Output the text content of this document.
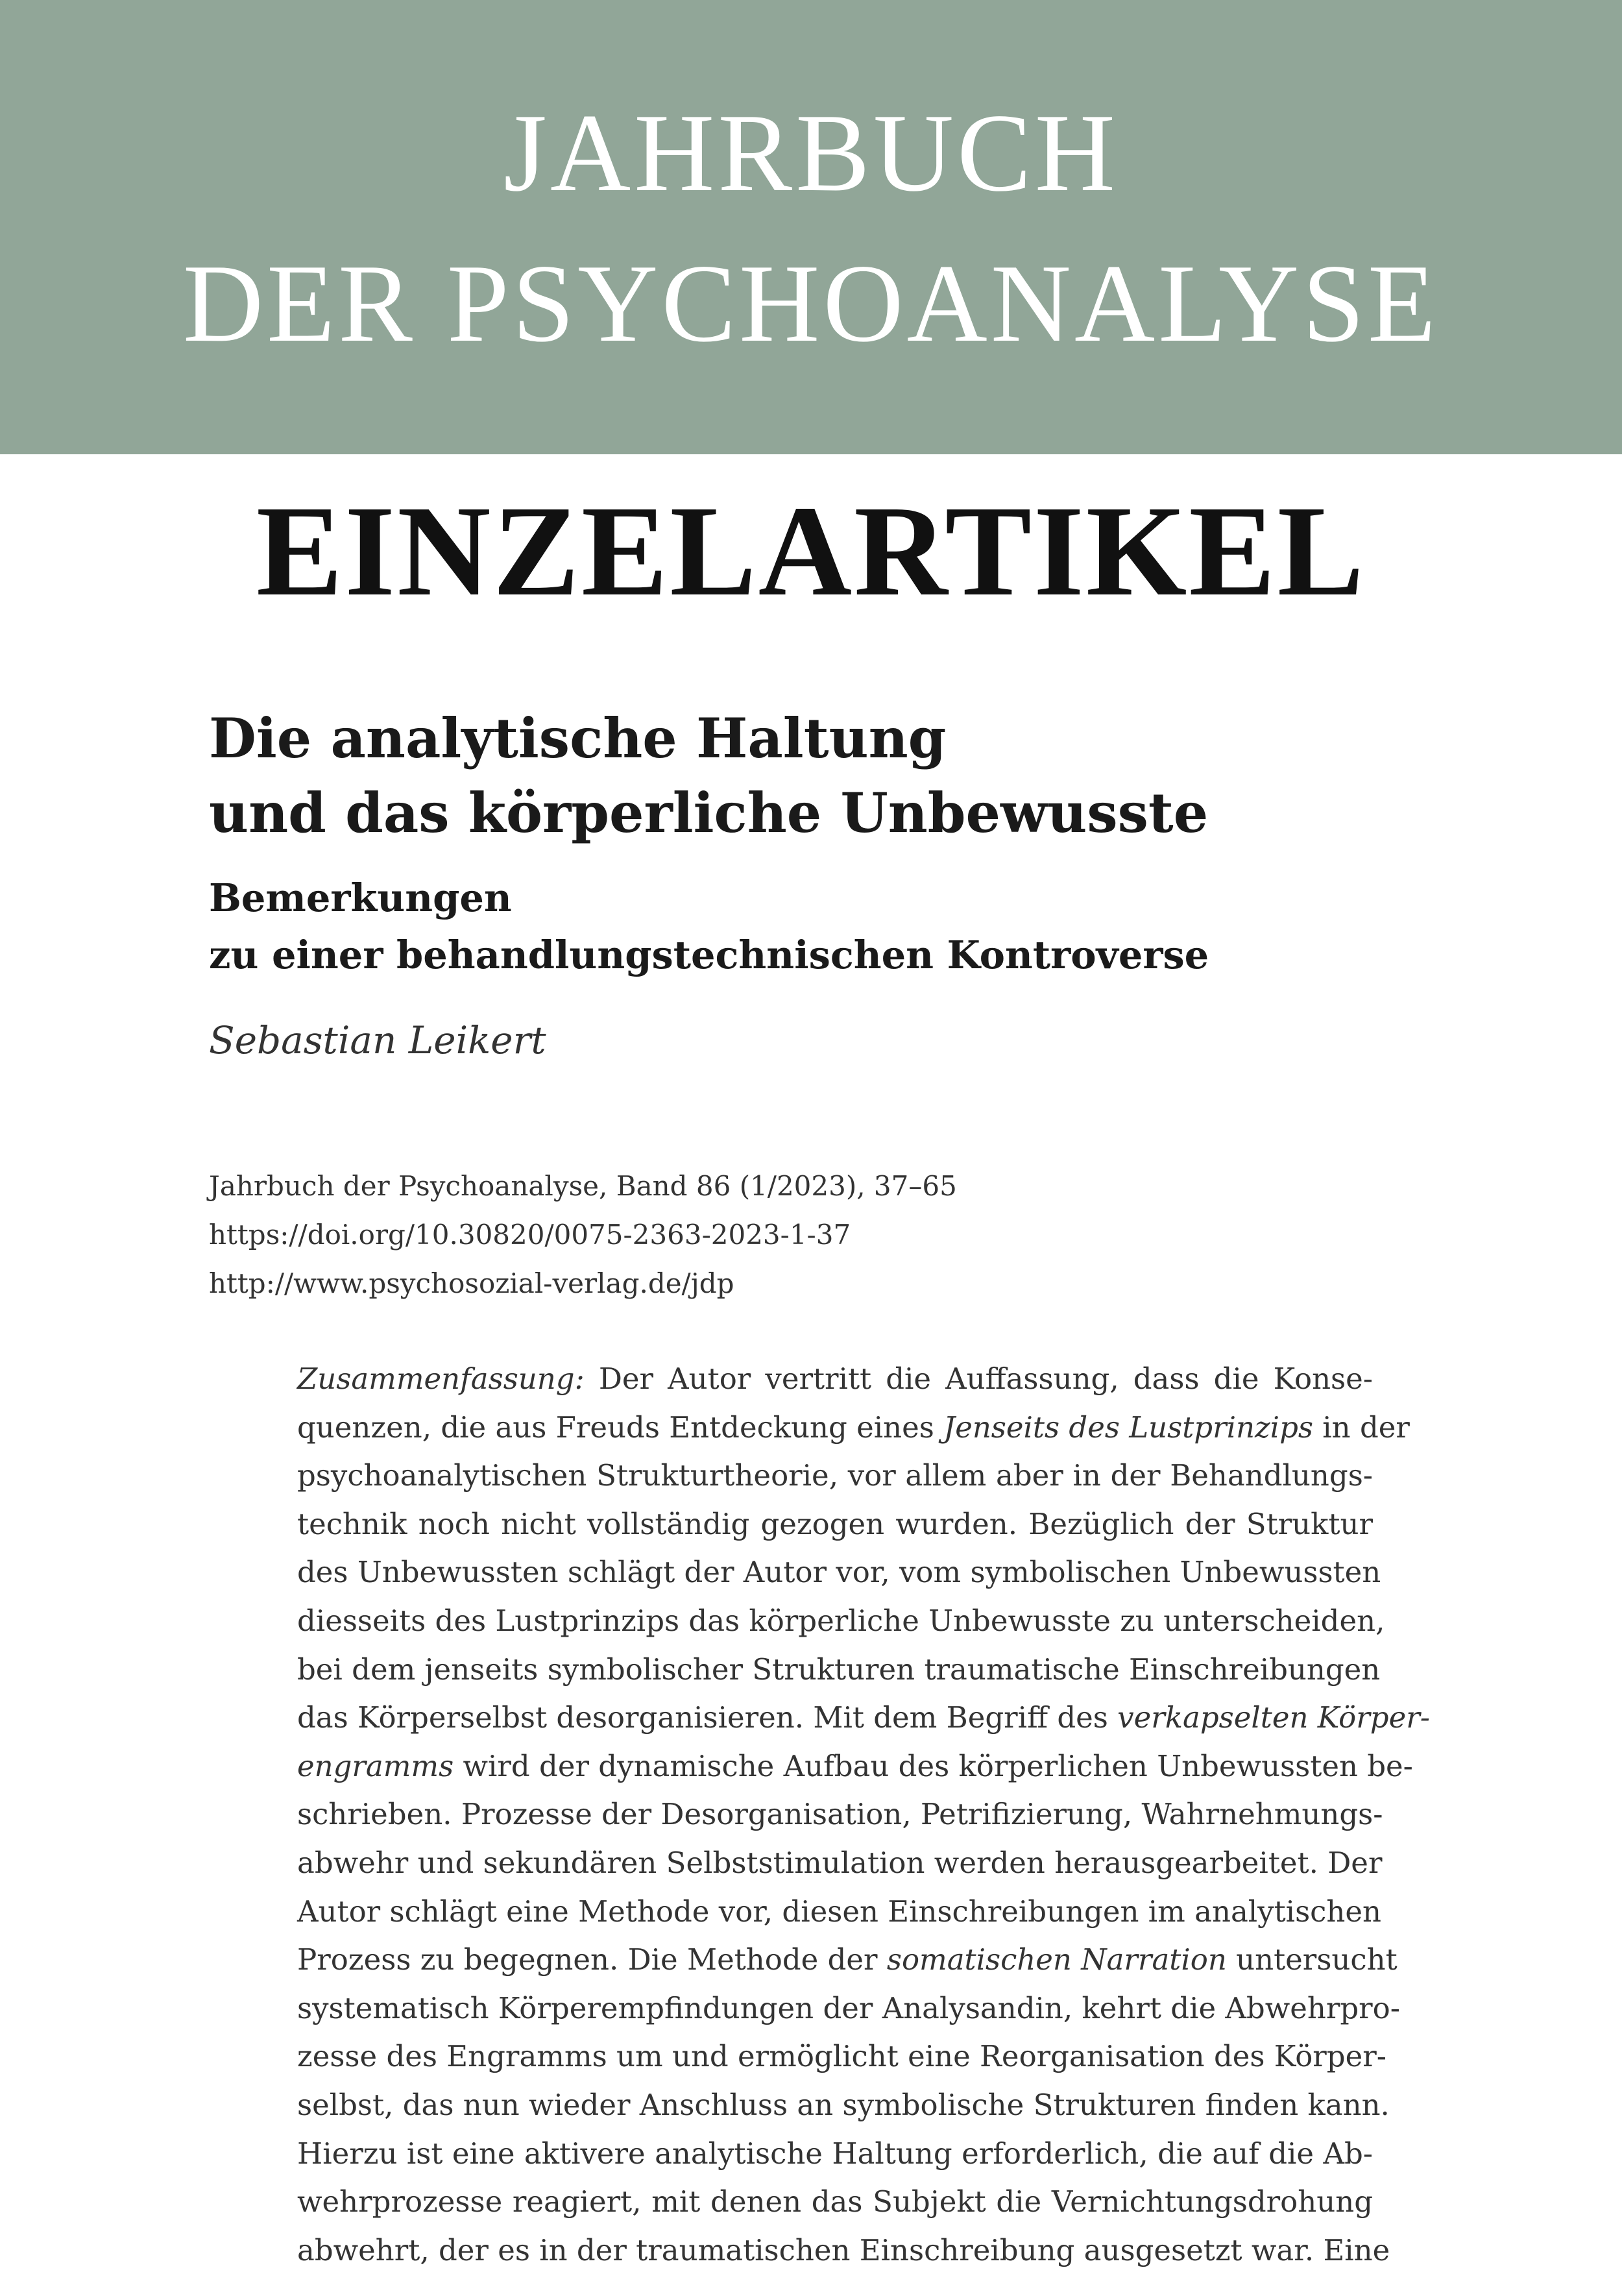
JAHRBUCH
DER PSYCHOANALYSE
EINZELARTIKEL
Die analytische Haltung
und das körperliche Unbewusste
Bemerkungen
zu einer behandlungstechnischen Kontroverse
Sebastian Leikert
Jahrbuch der Psychoanalyse, Band 86 (1/2023), 37–65
https://doi.org/10.30820/0075-2363-2023-1-37
http://www.psychosozial-verlag.de/jdp
Zusammenfassung: Der Autor vertritt die Auffassung, dass die Konse-
quenzen, die aus Freuds Entdeckung eines Jenseits des Lustprinzips in der
psychoanalytischen Strukturtheorie, vor allem aber in der Behandlungs-
technik noch nicht vollständig gezogen wurden. Bezüglich der Struktur
des Unbewussten schlägt der Autor vor, vom symbolischen Unbewussten
diesseits des Lustprinzips das körperliche Unbewusste zu unterscheiden,
bei dem jenseits symbolischer Strukturen traumatische Einschreibungen
das Körperselbst desorganisieren. Mit dem Begriff des verkapselten Körper-
engramms wird der dynamische Aufbau des körperlichen Unbewussten be-
schrieben. Prozesse der Desorganisation, Petrifizierung, Wahrnehmungs-
abwehr und sekundären Selbststimulation werden herausgearbeitet. Der
Autor schlägt eine Methode vor, diesen Einschreibungen im analytischen
Prozess zu begegnen. Die Methode der somatischen Narration untersucht
systematisch Körperempfindungen der Analysandin, kehrt die Abwehrpro-
zesse des Engramms um und ermöglicht eine Reorganisation des Körper-
selbst, das nun wieder Anschluss an symbolische Strukturen finden kann.
Hierzu ist eine aktivere analytische Haltung erforderlich, die auf die Ab-
wehrprozesse reagiert, mit denen das Subjekt die Vernichtungsdrohung
abwehrt, der es in der traumatischen Einschreibung ausgesetzt war. Eine
